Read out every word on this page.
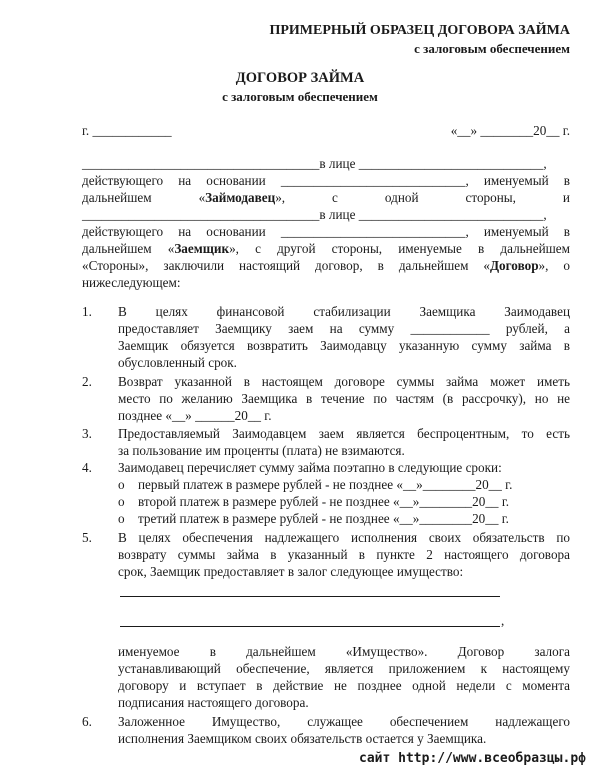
ПРИМЕРНЫЙ ОБРАЗЕЦ ДОГОВОРА ЗАЙМА
с залоговым обеспечением
ДОГОВОР ЗАЙМА
с залоговым обеспечением
г. ____________	«__» ________20__ г.
____________________________________в лице ____________________________,
действующего на основании ____________________________, именуемый в
дальнейшем «Займодавец», с одной стороны, и
____________________________________в лице ____________________________,
действующего на основании ____________________________, именуемый в
дальнейшем «Заемщик», с другой стороны, именуемые в дальнейшем
«Стороны», заключили настоящий договор, в дальнейшем «Договор», о
нижеследующем:
1.	В целях финансовой стабилизации Заемщика Заимодавец
предоставляет Заемщику заем на сумму ____________ рублей, а
Заемщик обязуется возвратить Заимодавцу указанную сумму займа в
обусловленный срок.
2.	Возврат указанной в настоящем договоре суммы займа может иметь
место по желанию Заемщика в течение по частям (в рассрочку), но не
позднее «__» ______20__ г.
3.	Предоставляемый Заимодавцем заем является беспроцентным, то есть
за пользование им проценты (плата) не взимаются.
4.	Заимодавец перечисляет сумму займа поэтапно в следующие сроки:
o	первый платеж в размере рублей - не позднее «__»________20__ г.
o	второй платеж в размере рублей - не позднее «__»________20__ г.
o	третий платеж в размере рублей - не позднее «__»________20__ г.
5.	В целях обеспечения надлежащего исполнения своих обязательств по
возврату суммы займа в указанный в пункте 2 настоящего договора
срок, Заемщик предоставляет в залог следующее имущество:
,
именуемое в дальнейшем «Имущество». Договор залога
устанавливающий обеспечение, является приложением к настоящему
договору и вступает в действие не позднее одной недели с момента
подписания настоящего договора.
6.	Заложенное Имущество, служащее обеспечением надлежащего
исполнения Заемщиком своих обязательств остается у Заемщика.
сайт http://www.всеобразцы.рф
